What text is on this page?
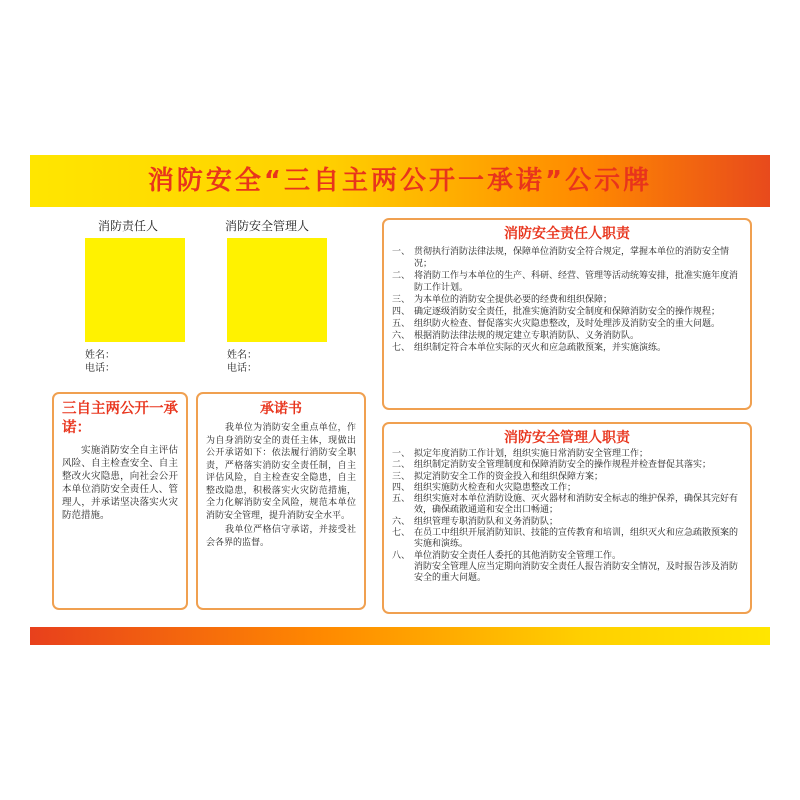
消防安全“三自主两公开一承诺”公示牌
消防责任人
姓名：
电话：
消防安全管理人
姓名：
电话：
三自主两公开一承诺：
实施消防安全自主评估风险、自主检查安全、自主整改火灾隐患，向社会公开本单位消防安全责任人、管理人，并承诺坚决落实火灾防范措施。
承诺书
我单位为消防安全重点单位，作为自身消防安全的责任主体，现做出公开承诺如下：依法履行消防安全职责，严格落实消防安全责任制，自主评估风险，自主检查安全隐患，自主整改隐患，积极落实火灾防范措施，全力化解消防安全风险，规范本单位消防安全管理，提升消防安全水平。
我单位严格信守承诺，并接受社会各界的监督。
消防安全责任人职责
一、 贯彻执行消防法律法规，保障单位消防安全符合规定，掌握本单位的消防安全情况；
二、 将消防工作与本单位的生产、科研、经营、管理等活动统筹安排，批准实施年度消防工作计划。
三、 为本单位的消防安全提供必要的经费和组织保障；
四、 确定逐级消防安全责任，批准实施消防安全制度和保障消防安全的操作规程；
五、 组织防火检查、督促落实火灾隐患整改，及时处理涉及消防安全的重大问题。
六、 根据消防法律法规的规定建立专职消防队、义务消防队。
七、 组织制定符合本单位实际的灭火和应急疏散预案，并实施演练。
消防安全管理人职责
一、 拟定年度消防工作计划，组织实施日常消防安全管理工作；
二、 组织制定消防安全管理制度和保障消防安全的操作规程并检查督促其落实；
三、 拟定消防安全工作的资金投入和组织保障方案；
四、 组织实施防火检查和火灾隐患整改工作；
五、 组织实施对本单位消防设施、灭火器材和消防安全标志的维护保养，确保其完好有效，确保疏散通道和安全出口畅通；
六、 组织管理专职消防队和义务消防队；
七、 在员工中组织开展消防知识、技能的宣传教育和培训，组织灭火和应急疏散预案的实施和演练。
八、 单位消防安全责任人委托的其他消防安全管理工作。
消防安全管理人应当定期向消防安全责任人报告消防安全情况，及时报告涉及消防安全的重大问题。
